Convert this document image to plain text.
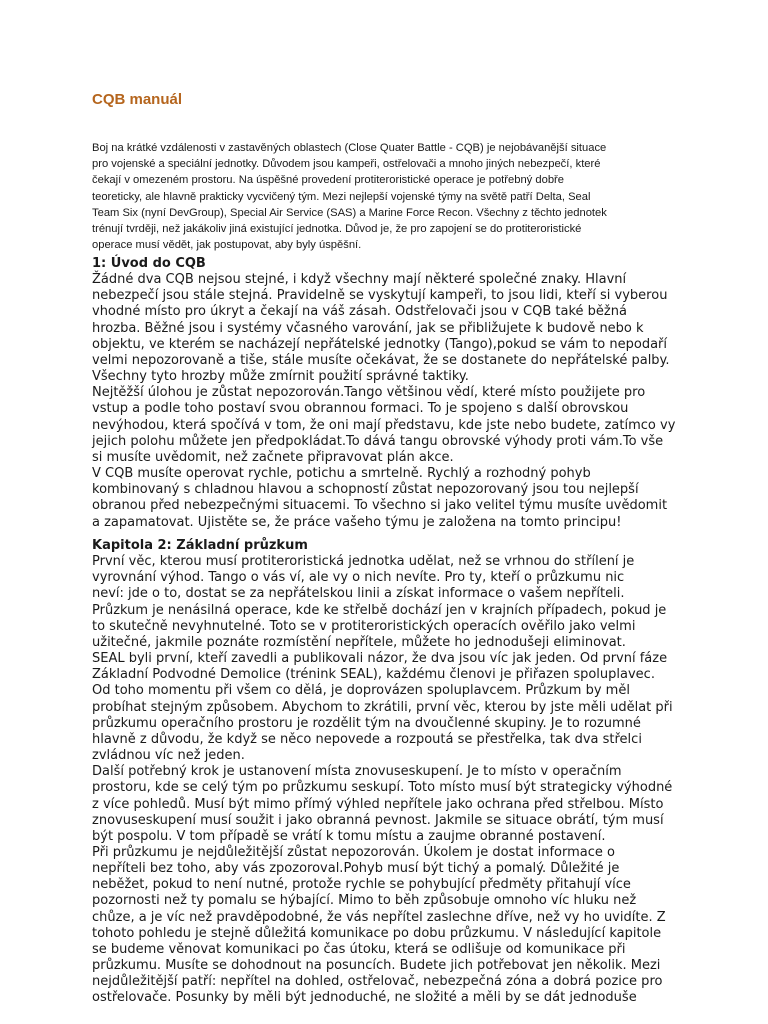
CQB manuál

Boj na krátké vzdálenosti v zastavěných oblastech (Close Quater Battle - CQB) je nejobávanější situace
pro vojenské a speciální jednotky. Důvodem jsou kampeři, ostřelovači a mnoho jiných nebezpečí, které
čekají v omezeném prostoru. Na úspěšné provedení protiteroristické operace je potřebný dobře
teoreticky, ale hlavně prakticky vycvičený tým. Mezi nejlepší vojenské týmy na světě patří Delta, Seal
Team Six (nyní DevGroup), Special Air Service (SAS) a Marine Force Recon. Všechny z těchto jednotek
trénují tvrději, než jakákoliv jiná existující jednotka. Důvod je, že pro zapojení se do protiteroristické
operace musí vědět, jak postupovat, aby byly úspěšní.

1: Úvod do CQB
Žádné dva CQB nejsou stejné, i když všechny mají některé společné znaky. Hlavní
nebezpečí jsou stále stejná. Pravidelně se vyskytují kampeři, to jsou lidi, kteří si vyberou
vhodné místo pro úkryt a čekají na váš zásah. Odstřelovači jsou v CQB také běžná
hrozba. Běžné jsou i systémy včasného varování, jak se přibližujete k budově nebo k
objektu, ve kterém se nacházejí nepřátelské jednotky (Tango),pokud se vám to nepodaří
velmi nepozorovaně a tiše, stále musíte očekávat, že se dostanete do nepřátelské palby.
Všechny tyto hrozby může zmírnit použití správné taktiky.
Nejtěžší úlohou je zůstat nepozorován.Tango většinou vědí, které místo použijete pro
vstup a podle toho postaví svou obrannou formaci. To je spojeno s další obrovskou
nevýhodou, která spočívá v tom, že oni mají představu, kde jste nebo budete, zatímco vy
jejich polohu můžete jen předpokládat.To dává tangu obrovské výhody proti vám.To vše
si musíte uvědomit, než začnete připravovat plán akce.
V CQB musíte operovat rychle, potichu a smrtelně. Rychlý a rozhodný pohyb
kombinovaný s chladnou hlavou a schopností zůstat nepozorovaný jsou tou nejlepší
obranou před nebezpečnými situacemi. To všechno si jako velitel týmu musíte uvědomit
a zapamatovat. Ujistěte se, že práce vašeho týmu je založena na tomto principu!
Kapitola 2: Základní průzkum
První věc, kterou musí protiteroristická jednotka udělat, než se vrhnou do střílení je
vyrovnání výhod. Tango o vás ví, ale vy o nich nevíte. Pro ty, kteří o průzkumu nic
neví: jde o to, dostat se za nepřátelskou linii a získat informace o vašem nepříteli.
Průzkum je nenásilná operace, kde ke střelbě dochází jen v krajních případech, pokud je
to skutečně nevyhnutelné. Toto se v protiteroristických operacích ověřilo jako velmi
užitečné, jakmile poznáte rozmístění nepřítele, můžete ho jednodušeji eliminovat.
SEAL byli první, kteří zavedli a publikovali názor, že dva jsou víc jak jeden. Od první fáze
Základní Podvodné Demolice (trénink SEAL), každému členovi je přiřazen spoluplavec.
Od toho momentu při všem co dělá, je doprovázen spoluplavcem. Průzkum by měl
probíhat stejným způsobem. Abychom to zkrátili, první věc, kterou by jste měli udělat při
průzkumu operačního prostoru je rozdělit tým na dvoučlenné skupiny. Je to rozumné
hlavně z důvodu, že když se něco nepovede a rozpoutá se přestřelka, tak dva střelci
zvládnou víc než jeden.
Další potřebný krok je ustanovení místa znovuseskupení. Je to místo v operačním
prostoru, kde se celý tým po průzkumu seskupí. Toto místo musí být strategicky výhodné
z více pohledů. Musí být mimo přímý výhled nepřítele jako ochrana před střelbou. Místo
znovuseskupení musí soužit i jako obranná pevnost. Jakmile se situace obrátí, tým musí
být pospolu. V tom případě se vrátí k tomu místu a zaujme obranné postavení.
Při průzkumu je nejdůležitější zůstat nepozorován. Úkolem je dostat informace o
nepříteli bez toho, aby vás zpozoroval.Pohyb musí být tichý a pomalý. Důležité je
neběžet, pokud to není nutné, protože rychle se pohybující předměty přitahují více
pozornosti než ty pomalu se hýbající. Mimo to běh způsobuje omnoho víc hluku než
chůze, a je víc než pravděpodobné, že vás nepřítel zaslechne dříve, než vy ho uvidíte. Z
tohoto pohledu je stejně důležitá komunikace po dobu průzkumu. V následující kapitole
se budeme věnovat komunikaci po čas útoku, která se odlišuje od komunikace při
průzkumu. Musíte se dohodnout na posuncích. Budete jich potřebovat jen několik. Mezi
nejdůležitější patří: nepřítel na dohled, ostřelovač, nebezpečná zóna a dobrá pozice pro
ostřelovače. Posunky by měli být jednoduché, ne složité a měli by se dát jednoduše
